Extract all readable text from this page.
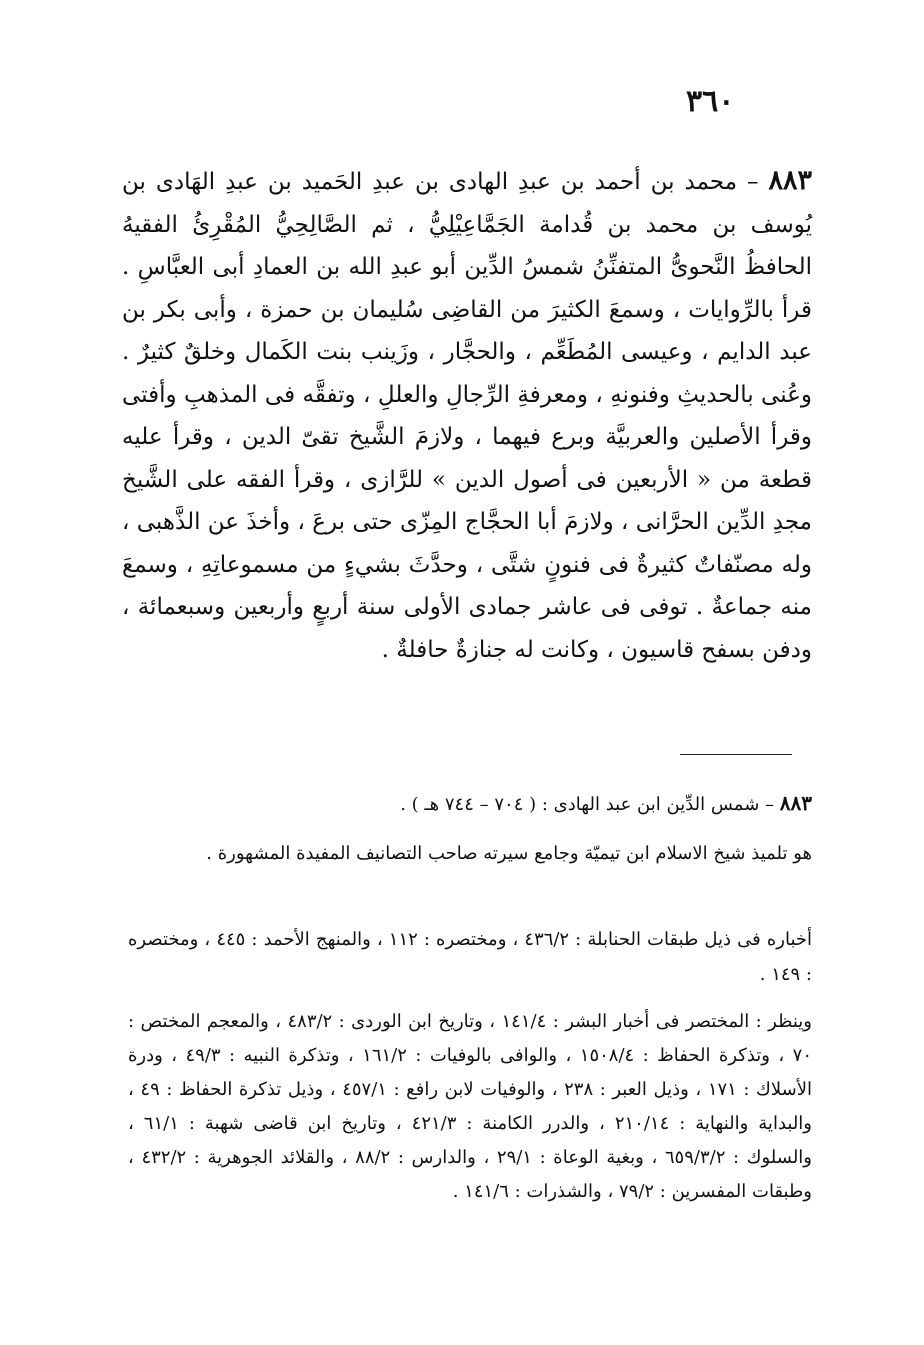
٣٦٠

٨٨٣ – محمد بن أحمد بن عبدِ الهادى بن عبدِ الحَميد بن عبدِ الهَادى بن يُوسف بن محمد بن قُدامة الجَمَّاعِيْلِيُّ ، ثم الصَّالِحِيُّ المُقْرِئُ الفقيهُ الحافظُ النَّحوىُّ المتفنِّنُ شمسُ الدِّين أبو عبدِ الله بن العمادِ أبى العبَّاسِ . قرأ بالرِّوايات ، وسمعَ الكثيرَ من القاضِى سُليمان بن حمزة ، وأبى بكر بن عبد الدايم ، وعيسى المُطَعِّم ، والحجَّار ، وزَينب بنت الكَمال وخلقٌ كثيرٌ . وعُنى بالحديثِ وفنونهِ ، ومعرفةِ الرِّجالِ والعللِ ، وتفقَّه فى المذهبِ وأفتى وقرأ الأصلين والعربيَّة وبرع فيهما ، ولازمَ الشَّيخ تقىّ الدين ، وقرأ عليه قطعة من « الأربعين فى أصول الدين » للرَّازى ، وقرأ الفقه على الشَّيخ مجدِ الدِّين الحرَّانى ، ولازمَ أبا الحجَّاج المِزّى حتى برعَ ، وأخذَ عن الذَّهبى ، وله مصنّفاتٌ كثيرةٌ فى فنونٍ شتَّى ، وحدَّثَ بشيءٍ من مسموعاتِهِ ، وسمعَ منه جماعةٌ . توفى فى عاشر جمادى الأولى سنة أربعٍ وأربعين وسبعمائة ، ودفن بسفح قاسيون ، وكانت له جنازةٌ حافلةٌ .

٨٨٣ – شمس الدِّين ابن عبد الهادى : ( ٧٠٤ – ٧٤٤ هـ ) .

هو تلميذ شيخ الاسلام ابن تيميّة وجامع سيرته صاحب التصانيف المفيدة المشهورة .

أخباره فى ذيل طبقات الحنابلة : ٤٣٦/٢ ، ومختصره : ١١٢ ، والمنهج الأحمد : ٤٤٥ ، ومختصره : ١٤٩ .

وينظر : المختصر فى أخبار البشر : ١٤١/٤ ، وتاريخ ابن الوردى : ٤٨٣/٢ ، والمعجم المختص : ٧٠ ، وتذكرة الحفاظ : ١٥٠٨/٤ ، والوافى بالوفيات : ١٦١/٢ ، وتذكرة النبيه : ٤٩/٣ ، ودرة الأسلاك : ١٧١ ، وذيل العبر : ٢٣٨ ، والوفيات لابن رافع : ٤٥٧/١ ، وذيل تذكرة الحفاظ : ٤٩ ، والبداية والنهاية : ٢١٠/١٤ ، والدرر الكامنة : ٤٢١/٣ ، وتاريخ ابن قاضى شهبة : ٦١/١ ، والسلوك : ٦٥٩/٣/٢ ، وبغية الوعاة : ٢٩/١ ، والدارس : ٨٨/٢ ، والقلائد الجوهرية : ٤٣٢/٢ ، وطبقات المفسرين : ٧٩/٢ ، والشذرات : ١٤١/٦ .
